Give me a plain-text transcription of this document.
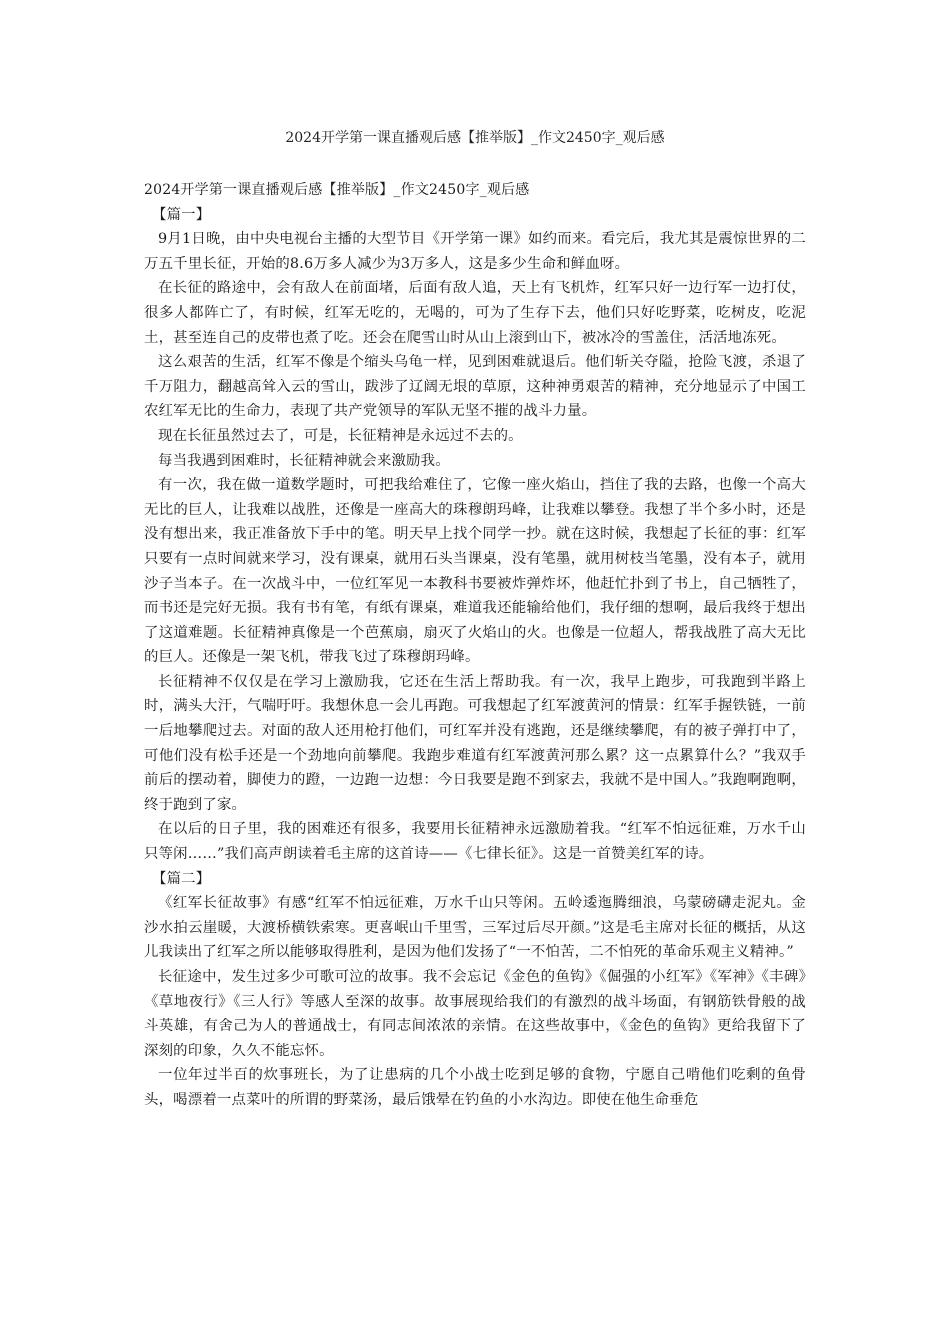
2024开学第一课直播观后感【推举版】_作文2450字_观后感

2024开学第一课直播观后感【推举版】_作文2450字_观后感

【篇一】

9月1日晚，由中央电视台主播的大型节目《开学第一课》如约而来。看完后，我尤其是震惊世界的二万五千里长征，开始的8.6万多人减少为3万多人，这是多少生命和鲜血呀。

在长征的路途中，会有敌人在前面堵，后面有敌人追，天上有飞机炸，红军只好一边行军一边打仗，很多人都阵亡了，有时候，红军无吃的，无喝的，可为了生存下去，他们只好吃野菜，吃树皮，吃泥土，甚至连自己的皮带也煮了吃。还会在爬雪山时从山上滚到山下，被冰冷的雪盖住，活活地冻死。

这么艰苦的生活，红军不像是个缩头乌龟一样，见到困难就退后。他们斩关夺隘，抢险飞渡，杀退了千万阻力，翻越高耸入云的雪山，跋涉了辽阔无垠的草原，这种神勇艰苦的精神，充分地显示了中国工农红军无比的生命力，表现了共产党领导的军队无坚不摧的战斗力量。

现在长征虽然过去了，可是，长征精神是永远过不去的。

每当我遇到困难时，长征精神就会来激励我。

有一次，我在做一道数学题时，可把我给难住了，它像一座火焰山，挡住了我的去路，也像一个高大无比的巨人，让我难以战胜，还像是一座高大的珠穆朗玛峰，让我难以攀登。我想了半个多小时，还是没有想出来，我正准备放下手中的笔。明天早上找个同学一抄。就在这时候，我想起了长征的事：红军只要有一点时间就来学习，没有课桌，就用石头当课桌，没有笔墨，就用树枝当笔墨，没有本子，就用沙子当本子。在一次战斗中，一位红军见一本教科书要被炸弹炸坏，他赶忙扑到了书上，自己牺牲了，而书还是完好无损。我有书有笔，有纸有课桌，难道我还能输给他们，我仔细的想啊，最后我终于想出了这道难题。长征精神真像是一个芭蕉扇，扇灭了火焰山的火。也像是一位超人，帮我战胜了高大无比的巨人。还像是一架飞机，带我飞过了珠穆朗玛峰。

长征精神不仅仅是在学习上激励我，它还在生活上帮助我。有一次，我早上跑步，可我跑到半路上时，满头大汗，气喘吁吁。我想休息一会儿再跑。可我想起了红军渡黄河的情景：红军手握铁链，一前一后地攀爬过去。对面的敌人还用枪打他们，可红军并没有逃跑，还是继续攀爬，有的被子弹打中了，可他们没有松手还是一个劲地向前攀爬。我跑步难道有红军渡黄河那么累？这一点累算什么？”我双手前后的摆动着，脚使力的蹬，一边跑一边想：今日我要是跑不到家去，我就不是中国人。”我跑啊跑啊，终于跑到了家。

在以后的日子里，我的困难还有很多，我要用长征精神永远激励着我。“红军不怕远征难，万水千山只等闲……”我们高声朗读着毛主席的这首诗——《七律长征》。这是一首赞美红军的诗。

【篇二】

《红军长征故事》有感“红军不怕远征难，万水千山只等闲。五岭逶迤腾细浪，乌蒙磅礴走泥丸。金沙水拍云崖暖，大渡桥横铁索寒。更喜岷山千里雪，三军过后尽开颜。”这是毛主席对长征的概括，从这儿我读出了红军之所以能够取得胜利，是因为他们发扬了“一不怕苦，二不怕死的革命乐观主义精神。”

长征途中，发生过多少可歌可泣的故事。我不会忘记《金色的鱼钩》《倔强的小红军》《军神》《丰碑》《草地夜行》《三人行》等感人至深的故事。故事展现给我们的有激烈的战斗场面，有钢筋铁骨般的战斗英雄，有舍己为人的普通战士，有同志间浓浓的亲情。在这些故事中，《金色的鱼钩》更给我留下了深刻的印象，久久不能忘怀。

一位年过半百的炊事班长，为了让患病的几个小战士吃到足够的食物，宁愿自己啃他们吃剩的鱼骨头，喝漂着一点菜叶的所谓的野菜汤，最后饿晕在钓鱼的小水沟边。即使在他生命垂危
